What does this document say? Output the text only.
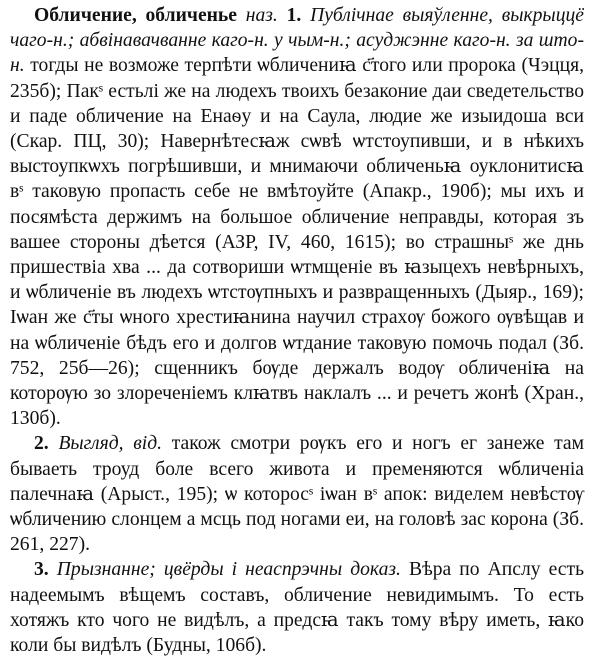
Обличение, обличенье наз. 1. Публічнае выяўленне, выкрыццё чаго-н.; абвінавачванне каго-н. у чым-н.; асуджэнне каго-н. за што-н. тогды не возможе терпѣти ѡбличениꙗ с҃того или пророка (Чэцця, 235б); Пакˢ естьлі же на людехъ твоихъ безаконие даи сведетельство и паде обличение на Енаѳу и на Саула, людие же изыидоша вси (Скар. ПЦ, 30); Навернѣтесꙗж сѡвѣ ѡтстоупивши, и в нѣкихъ выстоупкѡхъ погрѣшивши, и мнимаючи обличеньꙗ оуклонитисꙗ вˢ таковую пропасть себе не вмѣтоуйте (Апакр., 190б); мы ихъ и посямѣста держимъ на большое обличение неправды, которая зъ вашее стороны дѣется (АЗР, IV, 460, 1615); во страшныˢ же днь пришествiа хва ... да сотвориши ѡтмщеніе въ ꙗзыцехъ невѣрныхъ, и ѡбличеніе въ людехъ ѡтстѹпныхъ и развращенныхъ (Дыяр., 169); Iѡан же с҃ты ѡного хрестиꙗнина научил страхѹ божого ѹвѣщав и на ѡбличеніе бѣдъ его и долгов ѡтдание таковую помочь подал (Зб. 752, 25б—26); сщенникъ бѹде держалъ водѹ обличеніꙗ на которѹю зо злореченіемъ клꙗтвъ наклалъ ... и речетъ жонѣ (Хран., 130б).

2. Выгляд, від. також смотри рѹкъ его и ногъ ег занеже там бываеть троуд боле всего живота и пременяются ѡбличеніа палечнаꙗ (Арыст., 195); ѡ которосˢ iѡан вˢ апок: виделем невѣстѹ ѡбличению слонцем а мсць под ногами еи, на головѣ зас корона (Зб. 261, 227).

3. Прызнанне; цвёрды і неаспрэчны доказ. Вѣра по Апслу есть надеемымъ вѣщемъ составъ, обличение невидимымъ. То есть хотяжъ кто чого не видѣлъ, а предсꙗ такъ тому вѣру иметь, ꙗко коли бы видѣлъ (Будны, 106б).
